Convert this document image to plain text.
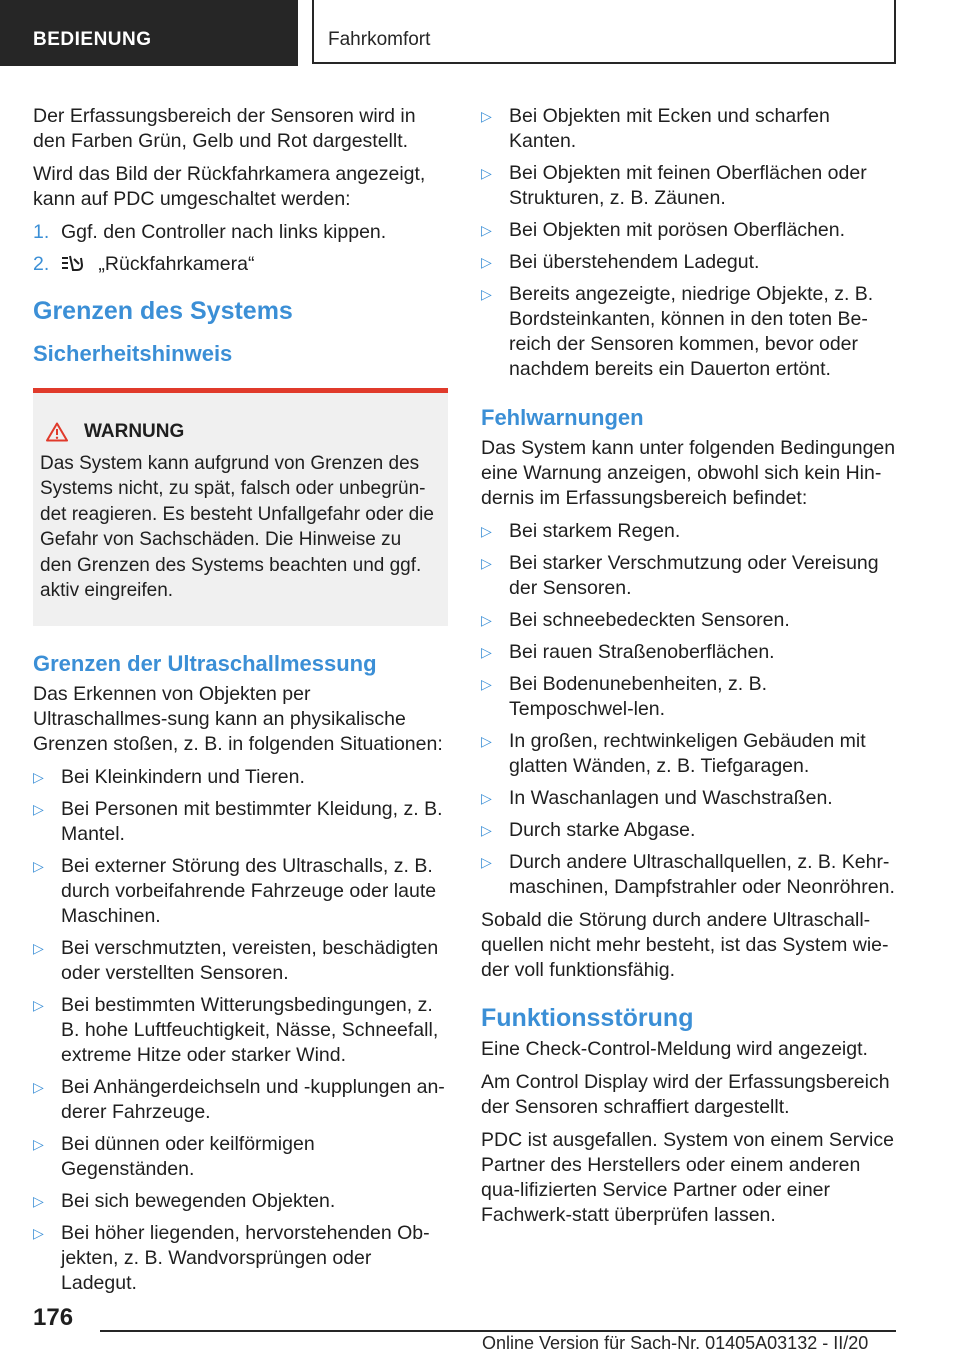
BEDIENUNG	Fahrkomfort

Der Erfassungsbereich der Sensoren wird in den Farben Grün, Gelb und Rot dargestellt.

Wird das Bild der Rückfahrkamera angezeigt, kann auf PDC umgeschaltet werden:

1. Ggf. den Controller nach links kippen.
2.	„Rückfahrkamera“
Grenzen des Systems
Sicherheitshinweis
WARNUNG
Das System kann aufgrund von Grenzen des Systems nicht, zu spät, falsch oder unbegrün-det reagieren. Es besteht Unfallgefahr oder die Gefahr von Sachschäden. Die Hinweise zu den Grenzen des Systems beachten und ggf. aktiv eingreifen.
Grenzen der Ultraschallmessung

Das Erkennen von Objekten per Ultraschallmes-sung kann an physikalische Grenzen stoßen, z. B. in folgenden Situationen:

▷ Bei Kleinkindern und Tieren.
▷ Bei Personen mit bestimmter Kleidung, z. B. Mantel.
▷ Bei externer Störung des Ultraschalls, z. B. durch vorbeifahrende Fahrzeuge oder laute Maschinen.
▷ Bei verschmutzten, vereisten, beschädigten oder verstellten Sensoren.
▷ Bei bestimmten Witterungsbedingungen, z. B. hohe Luftfeuchtigkeit, Nässe, Schneefall, extreme Hitze oder starker Wind.
▷ Bei Anhängerdeichseln und -kupplungen an-derer Fahrzeuge.
▷ Bei dünnen oder keilförmigen Gegenständen.
▷ Bei sich bewegenden Objekten.
▷ Bei höher liegenden, hervorstehenden Ob-jekten, z. B. Wandvorsprüngen oder Ladegut.
▷ Bei Objekten mit Ecken und scharfen Kanten.
▷ Bei Objekten mit feinen Oberflächen oder Strukturen, z. B. Zäunen.
▷ Bei Objekten mit porösen Oberflächen.
▷ Bei überstehendem Ladegut.
▷ Bereits angezeigte, niedrige Objekte, z. B. Bordsteinkanten, können in den toten Be-reich der Sensoren kommen, bevor oder nachdem bereits ein Dauerton ertönt.
Fehlwarnungen

Das System kann unter folgenden Bedingungen eine Warnung anzeigen, obwohl sich kein Hin-dernis im Erfassungsbereich befindet:

▷ Bei starkem Regen.
▷ Bei starker Verschmutzung oder Vereisung der Sensoren.
▷ Bei schneebedeckten Sensoren.
▷ Bei rauen Straßenoberflächen.
▷ Bei Bodenunebenheiten, z. B. Temposchwel-len.
▷ In großen, rechtwinkeligen Gebäuden mit glatten Wänden, z. B. Tiefgaragen.
▷ In Waschanlagen und Waschstraßen.
▷ Durch starke Abgase.
▷ Durch andere Ultraschallquellen, z. B. Kehr-maschinen, Dampfstrahler oder Neonröhren.

Sobald die Störung durch andere Ultraschall-quellen nicht mehr besteht, ist das System wie-der voll funktionsfähig.

Funktionsstörung

Eine Check-Control-Meldung wird angezeigt.

Am Control Display wird der Erfassungsbereich der Sensoren schraffiert dargestellt.

PDC ist ausgefallen. System von einem Service Partner des Herstellers oder einem anderen qua-lifizierten Service Partner oder einer Fachwerk-statt überprüfen lassen.

176
Online Version für Sach-Nr. 01405A03132 - II/20
